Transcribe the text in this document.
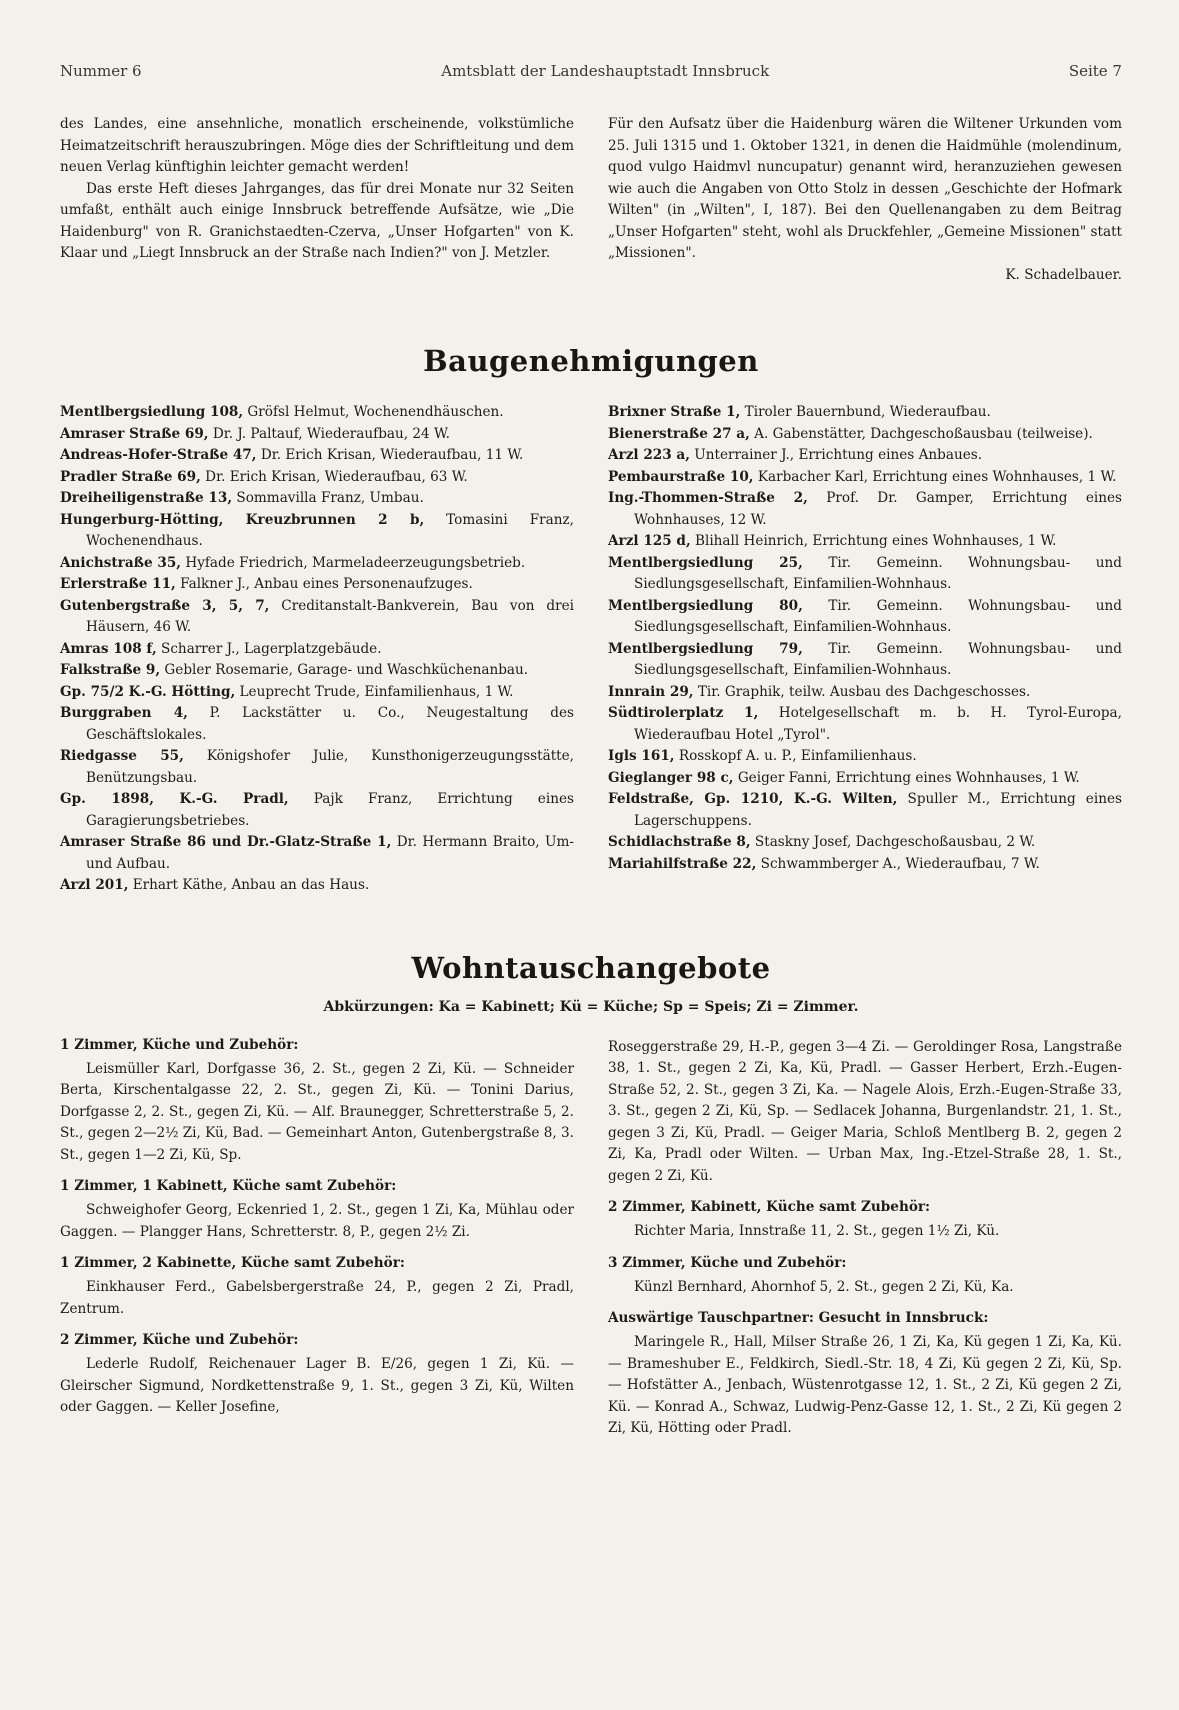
Nummer 6	Amtsblatt der Landeshauptstadt Innsbruck	Seite 7

des Landes, eine ansehnliche, monatlich erscheinende, volkstümliche Heimatzeitschrift herauszubringen. Möge dies der Schriftleitung und dem neuen Verlag künftighin leichter gemacht werden!

Das erste Heft dieses Jahrganges, das für drei Monate nur 32 Seiten umfaßt, enthält auch einige Innsbruck betreffende Aufsätze, wie „Die Haidenburg" von R. Granichstaedten-Czerva, „Unser Hofgarten" von K. Klaar und „Liegt Innsbruck an der Straße nach Indien?" von J. Metzler.

Für den Aufsatz über die Haidenburg wären die Wiltener Urkunden vom 25. Juli 1315 und 1. Oktober 1321, in denen die Haidmühle (molendinum, quod vulgo Haidmvl nuncupatur) genannt wird, heranzuziehen gewesen wie auch die Angaben von Otto Stolz in dessen „Geschichte der Hofmark Wilten" (in „Wilten", I, 187). Bei den Quellenangaben zu dem Beitrag „Unser Hofgarten" steht, wohl als Druckfehler, „Gemeine Missionen" statt „Missionen".

K. Schadelbauer.

Baugenehmigungen

Mentlbergsiedlung 108, Gröfsl Helmut, Wochenendhäuschen.

Amraser Straße 69, Dr. J. Paltauf, Wiederaufbau, 24 W.

Andreas-Hofer-Straße 47, Dr. Erich Krisan, Wiederaufbau, 11 W.

Pradler Straße 69, Dr. Erich Krisan, Wiederaufbau, 63 W.

Dreiheiligenstraße 13, Sommavilla Franz, Umbau.

Hungerburg-Hötting, Kreuzbrunnen 2 b, Tomasini Franz, Wochenendhaus.

Anichstraße 35, Hyfade Friedrich, Marmeladeerzeugungsbetrieb.

Erlerstraße 11, Falkner J., Anbau eines Personenaufzuges.

Gutenbergstraße 3, 5, 7, Creditanstalt-Bankverein, Bau von drei Häusern, 46 W.

Amras 108 f, Scharrer J., Lagerplatzgebäude.

Falkstraße 9, Gebler Rosemarie, Garage- und Waschküchenanbau.

Gp. 75/2 K.-G. Hötting, Leuprecht Trude, Einfamilienhaus, 1 W.

Burggraben 4, P. Lackstätter u. Co., Neugestaltung des Geschäftslokales.

Riedgasse 55, Königshofer Julie, Kunsthonigerzeugungsstätte, Benützungsbau.

Gp. 1898, K.-G. Pradl, Pajk Franz, Errichtung eines Garagierungsbetriebes.

Amraser Straße 86 und Dr.-Glatz-Straße 1, Dr. Hermann Braito, Um- und Aufbau.

Arzl 201, Erhart Käthe, Anbau an das Haus.

Brixner Straße 1, Tiroler Bauernbund, Wiederaufbau.

Bienerstraße 27 a, A. Gabenstätter, Dachgeschoßausbau (teilweise).

Arzl 223 a, Unterrainer J., Errichtung eines Anbaues.

Pembaurstraße 10, Karbacher Karl, Errichtung eines Wohnhauses, 1 W.

Ing.-Thommen-Straße 2, Prof. Dr. Gamper, Errichtung eines Wohnhauses, 12 W.

Arzl 125 d, Blihall Heinrich, Errichtung eines Wohnhauses, 1 W.

Mentlbergsiedlung 25, Tir. Gemeinn. Wohnungsbau- und Siedlungsgesellschaft, Einfamilien-Wohnhaus.

Mentlbergsiedlung 80, Tir. Gemeinn. Wohnungsbau- und Siedlungsgesellschaft, Einfamilien-Wohnhaus.

Mentlbergsiedlung 79, Tir. Gemeinn. Wohnungsbau- und Siedlungsgesellschaft, Einfamilien-Wohnhaus.

Innrain 29, Tir. Graphik, teilw. Ausbau des Dachgeschosses.

Südtirolerplatz 1, Hotelgesellschaft m. b. H. Tyrol-Europa, Wiederaufbau Hotel „Tyrol".

Igls 161, Rosskopf A. u. P., Einfamilienhaus.

Gieglanger 98 c, Geiger Fanni, Errichtung eines Wohnhauses, 1 W.

Feldstraße, Gp. 1210, K.-G. Wilten, Spuller M., Errichtung eines Lagerschuppens.

Schidlachstraße 8, Staskny Josef, Dachgeschoßausbau, 2 W.

Mariahilfstraße 22, Schwammberger A., Wiederaufbau, 7 W.

Wohntauschangebote
Abkürzungen: Ka = Kabinett; Kü = Küche; Sp = Speis; Zi = Zimmer.
1 Zimmer, Küche und Zubehör:

Leismüller Karl, Dorfgasse 36, 2. St., gegen 2 Zi, Kü. — Schneider Berta, Kirschentalgasse 22, 2. St., gegen Zi, Kü. — Tonini Darius, Dorfgasse 2, 2. St., gegen Zi, Kü. — Alf. Braunegger, Schretterstraße 5, 2. St., gegen 2—2½ Zi, Kü, Bad. — Gemeinhart Anton, Gutenbergstraße 8, 3. St., gegen 1—2 Zi, Kü, Sp.

1 Zimmer, 1 Kabinett, Küche samt Zubehör:

Schweighofer Georg, Eckenried 1, 2. St., gegen 1 Zi, Ka, Mühlau oder Gaggen. — Plangger Hans, Schretterstr. 8, P., gegen 2½ Zi.

1 Zimmer, 2 Kabinette, Küche samt Zubehör:

Einkhauser Ferd., Gabelsbergerstraße 24, P., gegen 2 Zi, Pradl, Zentrum.

2 Zimmer, Küche und Zubehör:

Lederle Rudolf, Reichenauer Lager B. E/26, gegen 1 Zi, Kü. — Gleirscher Sigmund, Nordkettenstraße 9, 1. St., gegen 3 Zi, Kü, Wilten oder Gaggen. — Keller Josefine,

Roseggerstraße 29, H.-P., gegen 3—4 Zi. — Geroldinger Rosa, Langstraße 38, 1. St., gegen 2 Zi, Ka, Kü, Pradl. — Gasser Herbert, Erzh.-Eugen-Straße 52, 2. St., gegen 3 Zi, Ka. — Nagele Alois, Erzh.-Eugen-Straße 33, 3. St., gegen 2 Zi, Kü, Sp. — Sedlacek Johanna, Burgenlandstr. 21, 1. St., gegen 3 Zi, Kü, Pradl. — Geiger Maria, Schloß Mentlberg B. 2, gegen 2 Zi, Ka, Pradl oder Wilten. — Urban Max, Ing.-Etzel-Straße 28, 1. St., gegen 2 Zi, Kü.

2 Zimmer, Kabinett, Küche samt Zubehör:

Richter Maria, Innstraße 11, 2. St., gegen 1½ Zi, Kü.

3 Zimmer, Küche und Zubehör:

Künzl Bernhard, Ahornhof 5, 2. St., gegen 2 Zi, Kü, Ka.

Auswärtige Tauschpartner: Gesucht in Innsbruck:

Maringele R., Hall, Milser Straße 26, 1 Zi, Ka, Kü gegen 1 Zi, Ka, Kü. — Brameshuber E., Feldkirch, Siedl.-Str. 18, 4 Zi, Kü gegen 2 Zi, Kü, Sp. — Hofstätter A., Jenbach, Wüstenrotgasse 12, 1. St., 2 Zi, Kü gegen 2 Zi, Kü. — Konrad A., Schwaz, Ludwig-Penz-Gasse 12, 1. St., 2 Zi, Kü gegen 2 Zi, Kü, Hötting oder Pradl.
